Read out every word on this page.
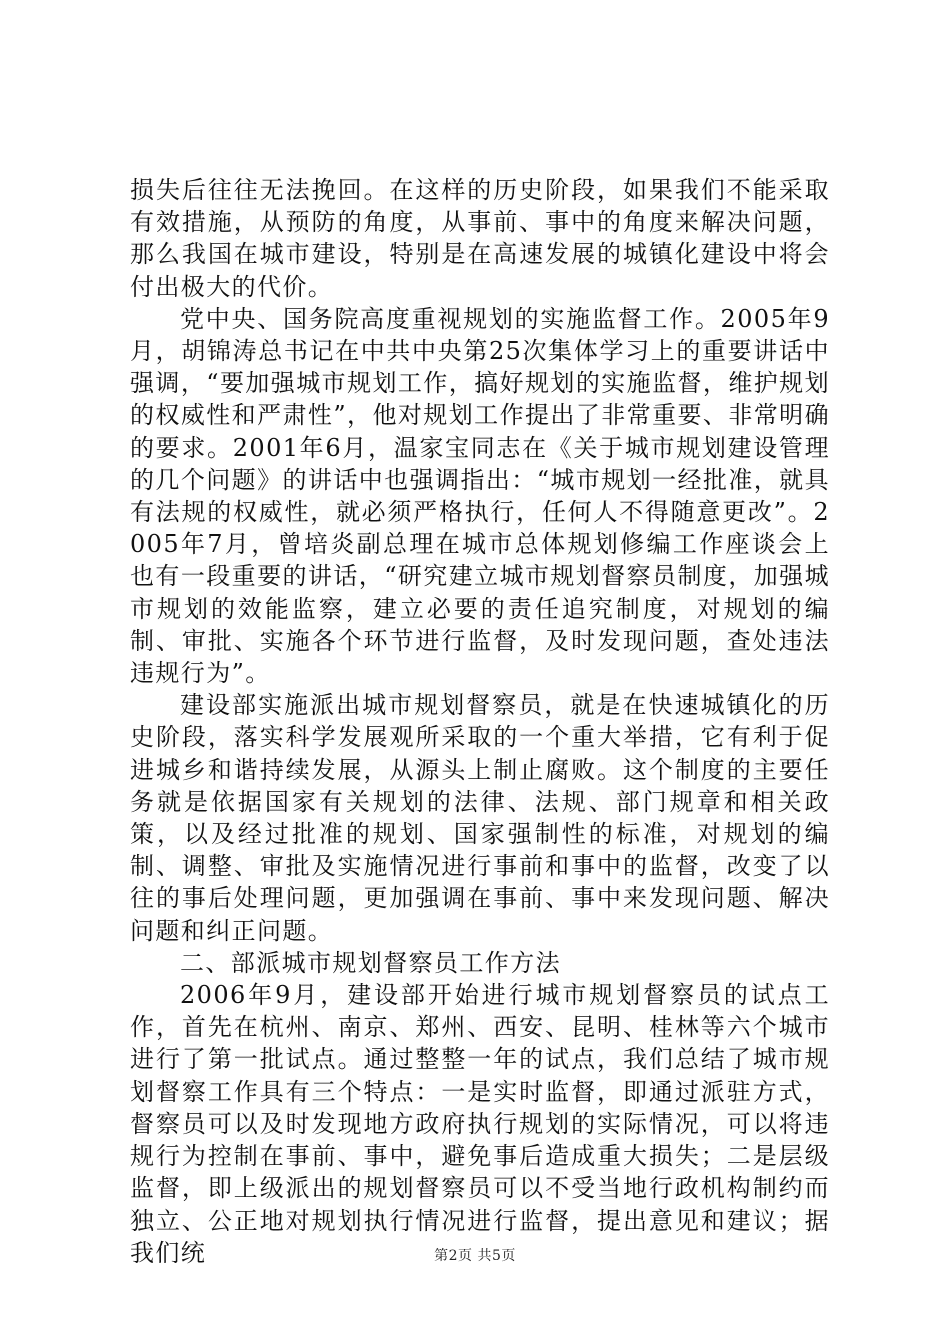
损失后往往无法挽回。在这样的历史阶段，如果我们不能采取有效措施，从预防的角度，从事前、事中的角度来解决问题，那么我国在城市建设，特别是在高速发展的城镇化建设中将会付出极大的代价。

党中央、国务院高度重视规划的实施监督工作。2005年9月，胡锦涛总书记在中共中央第25次集体学习上的重要讲话中强调，“要加强城市规划工作，搞好规划的实施监督，维护规划的权威性和严肃性”，他对规划工作提出了非常重要、非常明确的要求。2001年6月，温家宝同志在《关于城市规划建设管理的几个问题》的讲话中也强调指出：“城市规划一经批准，就具有法规的权威性，就必须严格执行，任何人不得随意更改”。2005年7月，曾培炎副总理在城市总体规划修编工作座谈会上也有一段重要的讲话，“研究建立城市规划督察员制度，加强城市规划的效能监察，建立必要的责任追究制度，对规划的编制、审批、实施各个环节进行监督，及时发现问题，查处违法违规行为”。

建设部实施派出城市规划督察员，就是在快速城镇化的历史阶段，落实科学发展观所采取的一个重大举措，它有利于促进城乡和谐持续发展，从源头上制止腐败。这个制度的主要任务就是依据国家有关规划的法律、法规、部门规章和相关政策，以及经过批准的规划、国家强制性的标准，对规划的编制、调整、审批及实施情况进行事前和事中的监督，改变了以往的事后处理问题，更加强调在事前、事中来发现问题、解决问题和纠正问题。

二、部派城市规划督察员工作方法

2006年9月，建设部开始进行城市规划督察员的试点工作，首先在杭州、南京、郑州、西安、昆明、桂林等六个城市进行了第一批试点。通过整整一年的试点，我们总结了城市规划督察工作具有三个特点：一是实时监督，即通过派驻方式，督察员可以及时发现地方政府执行规划的实际情况，可以将违规行为控制在事前、事中，避免事后造成重大损失；二是层级监督，即上级派出的规划督察员可以不受当地行政机构制约而独立、公正地对规划执行情况进行监督，提出意见和建议；据我们统	第2页 共5页
